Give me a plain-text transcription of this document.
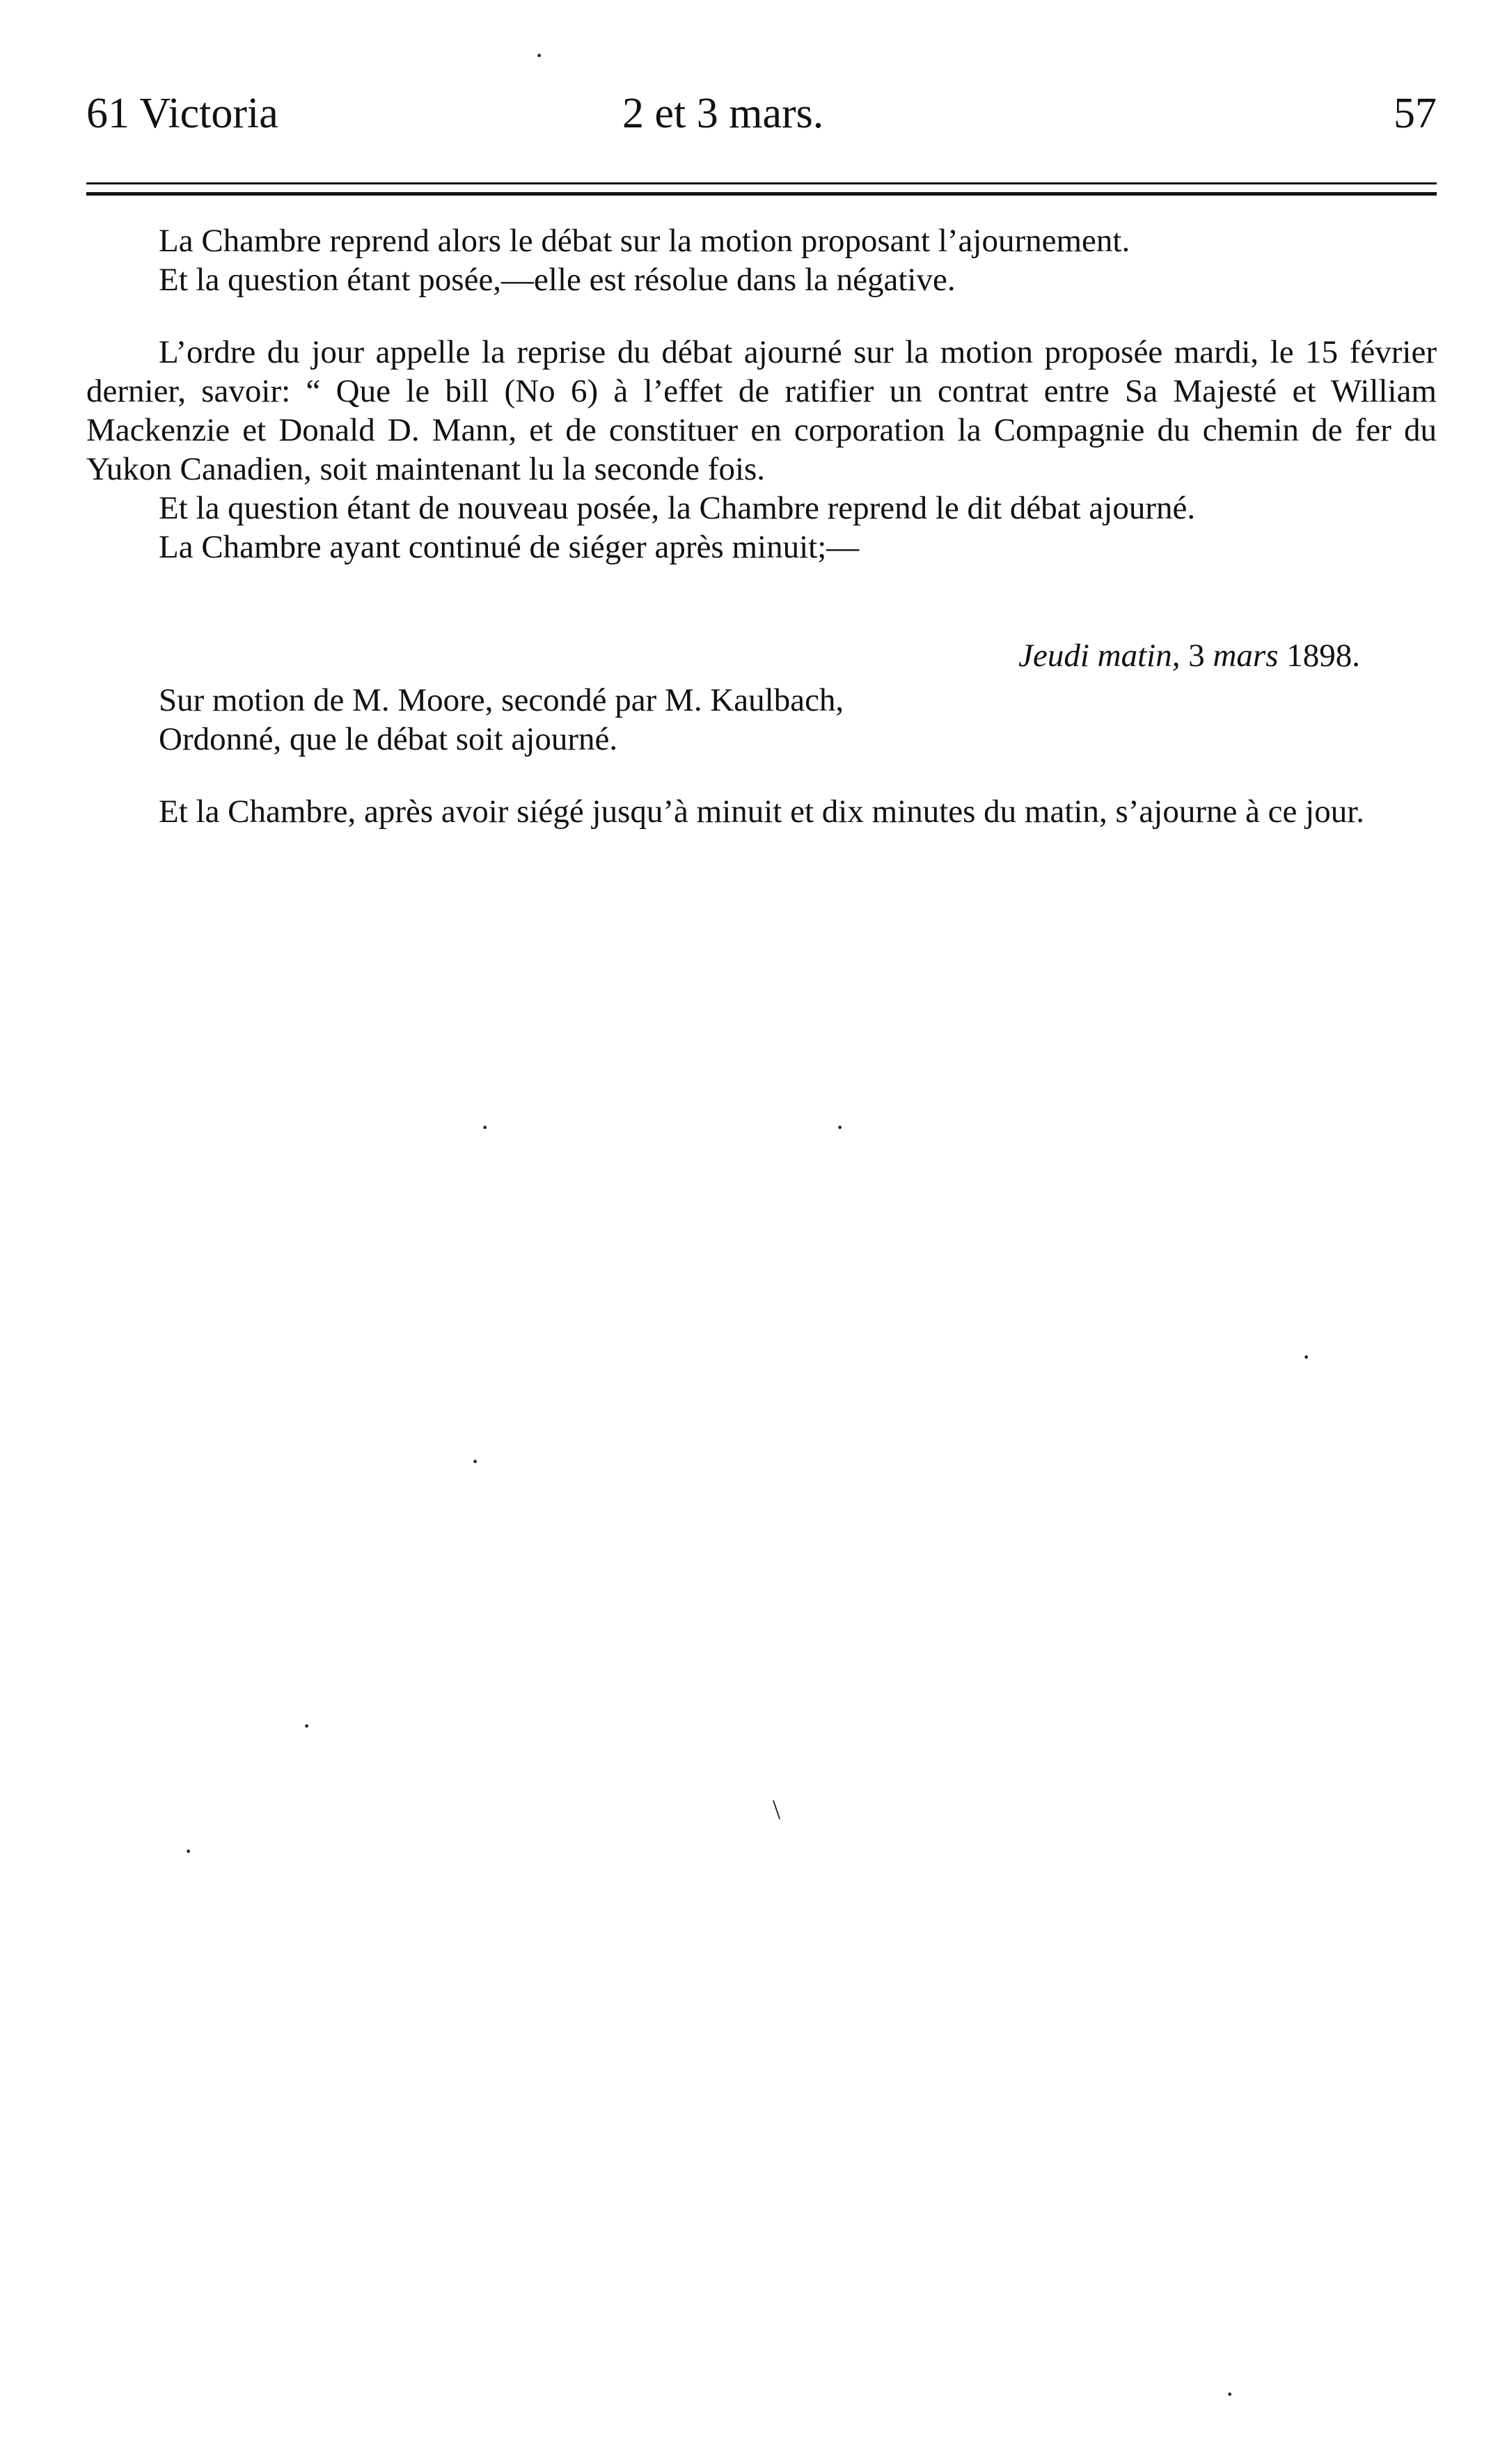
61 Victoria	2 et 3 mars.	57

La Chambre reprend alors le débat sur la motion proposant l’ajournement.

Et la question étant posée,—elle est résolue dans la négative.

L’ordre du jour appelle la reprise du débat ajourné sur la motion proposée mardi, le 15 février dernier, savoir: “ Que le bill (No 6) à l’effet de ratifier un contrat entre Sa Majesté et William Mackenzie et Donald D. Mann, et de constituer en corporation la Compagnie du chemin de fer du Yukon Canadien, soit maintenant lu la seconde fois.

Et la question étant de nouveau posée, la Chambre reprend le dit débat ajourné.

La Chambre ayant continué de siéger après minuit;—

Jeudi matin, 3 mars 1898.

Sur motion de M. Moore, secondé par M. Kaulbach,

Ordonné, que le débat soit ajourné.

Et la Chambre, après avoir siégé jusqu’à minuit et dix minutes du matin, s’ajourne à ce jour.

·
·	·
·
·
·
\
·
·
